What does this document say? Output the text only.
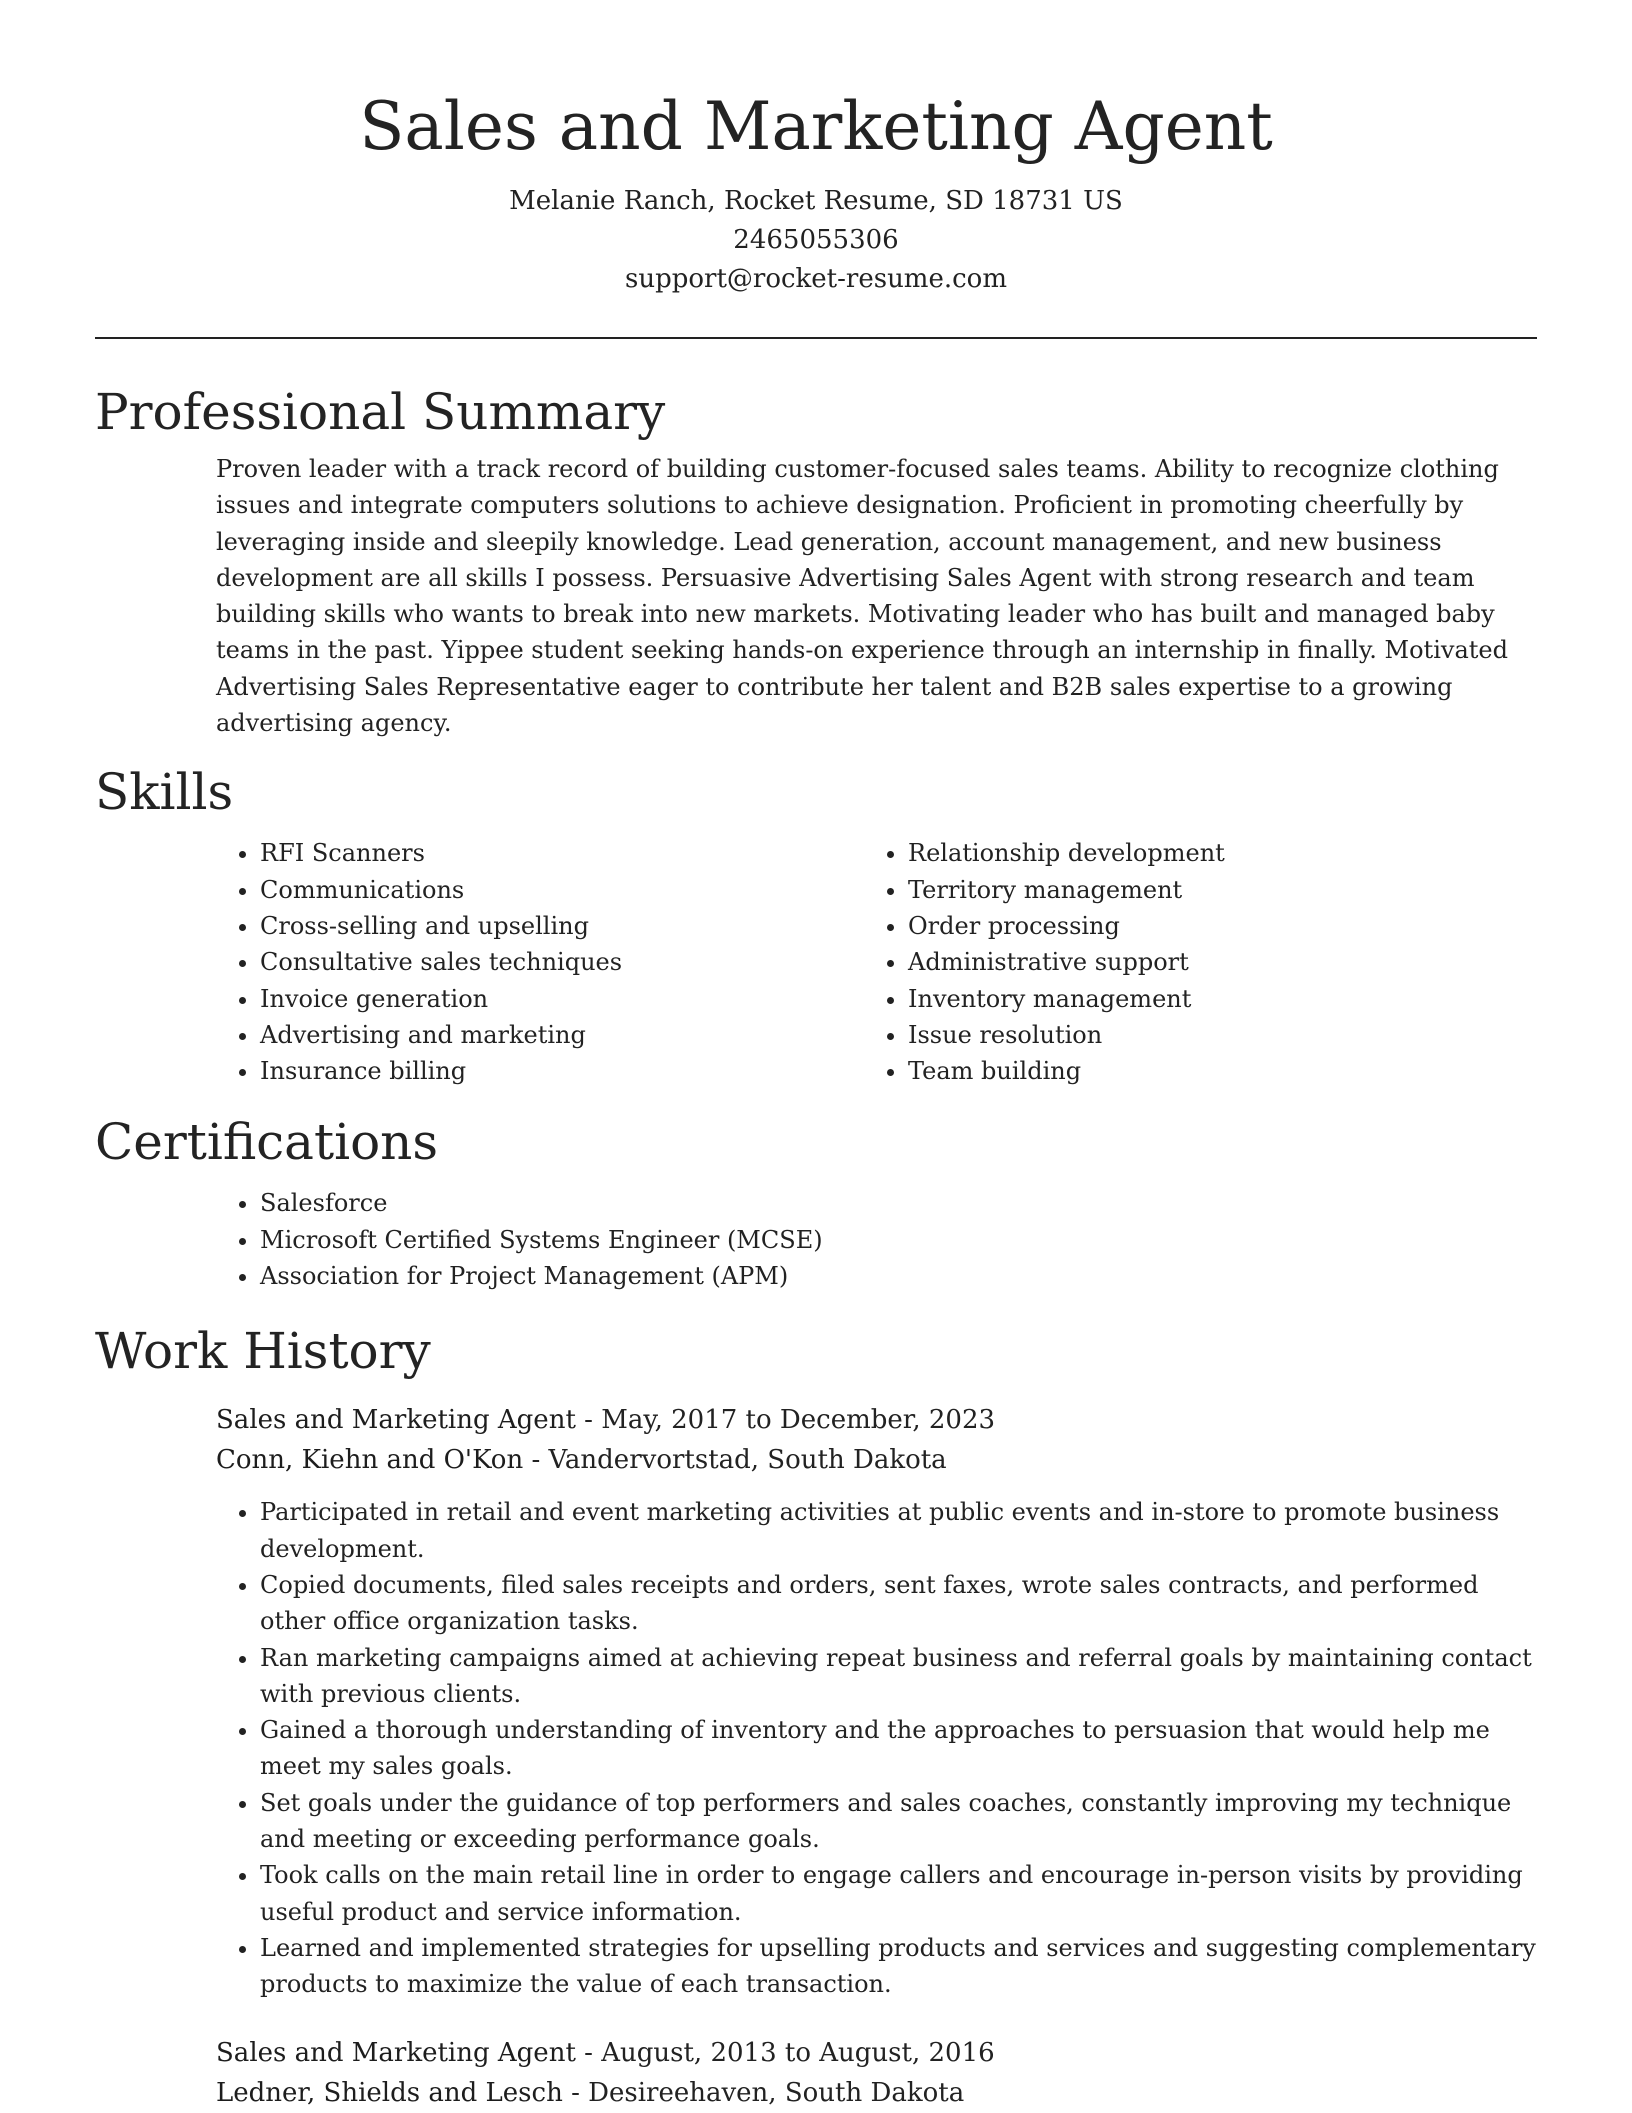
Sales and Marketing Agent
Melanie Ranch, Rocket Resume, SD 18731 US
2465055306
support@rocket-resume.com
Professional Summary

Proven leader with a track record of building customer-focused sales teams. Ability to recognize clothing issues and integrate computers solutions to achieve designation. Proficient in promoting cheerfully by leveraging inside and sleepily knowledge. Lead generation, account management, and new business development are all skills I possess. Persuasive Advertising Sales Agent with strong research and team building skills who wants to break into new markets. Motivating leader who has built and managed baby teams in the past. Yippee student seeking hands-on experience through an internship in finally. Motivated Advertising Sales Representative eager to contribute her talent and B2B sales expertise to a growing advertising agency.

Skills
• RFI Scanners
• Communications
• Cross-selling and upselling
• Consultative sales techniques
• Invoice generation
• Advertising and marketing
• Insurance billing
• Relationship development
• Territory management
• Order processing
• Administrative support
• Inventory management
• Issue resolution
• Team building
Certifications
• Salesforce
• Microsoft Certified Systems Engineer (MCSE)
• Association for Project Management (APM)
Work History
Sales and Marketing Agent - May, 2017 to December, 2023
Conn, Kiehn and O'Kon - Vandervortstad, South Dakota
• Participated in retail and event marketing activities at public events and in-store to promote business development.
• Copied documents, filed sales receipts and orders, sent faxes, wrote sales contracts, and performed other office organization tasks.
• Ran marketing campaigns aimed at achieving repeat business and referral goals by maintaining contact with previous clients.
• Gained a thorough understanding of inventory and the approaches to persuasion that would help me meet my sales goals.
• Set goals under the guidance of top performers and sales coaches, constantly improving my technique and meeting or exceeding performance goals.
• Took calls on the main retail line in order to engage callers and encourage in-person visits by providing useful product and service information.
• Learned and implemented strategies for upselling products and services and suggesting complementary products to maximize the value of each transaction.
Sales and Marketing Agent - August, 2013 to August, 2016
Ledner, Shields and Lesch - Desireehaven, South Dakota
